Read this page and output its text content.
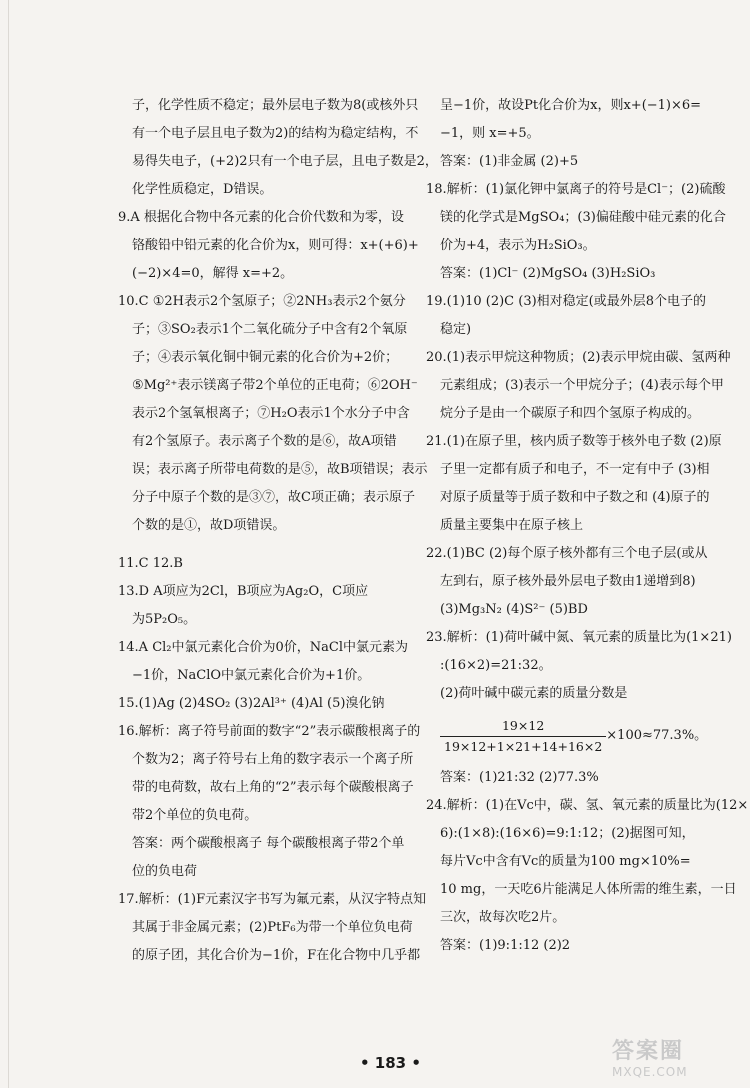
子，化学性质不稳定；最外层电子数为8(或核外只
有一个电子层且电子数为2)的结构为稳定结构，不
易得失电子，(+2)2只有一个电子层，且电子数是2，
化学性质稳定，D错误。
9.A 根据化合物中各元素的化合价代数和为零，设
铬酸铅中铅元素的化合价为x，则可得：x+(+6)+
(−2)×4=0，解得 x=+2。
10.C ①2H表示2个氢原子；②2NH₃表示2个氨分
子；③SO₂表示1个二氧化硫分子中含有2个氧原
子；④表示氧化铜中铜元素的化合价为+2价；
⑤Mg²⁺表示镁离子带2个单位的正电荷；⑥2OH⁻
表示2个氢氧根离子；⑦H₂O表示1个水分子中含
有2个氢原子。表示离子个数的是⑥，故A项错
误；表示离子所带电荷数的是⑤，故B项错误；表示
分子中原子个数的是③⑦，故C项正确；表示原子
个数的是①，故D项错误。
11.C 12.B
13.D A项应为2Cl，B项应为Ag₂O，C项应
为5P₂O₅。
14.A Cl₂中氯元素化合价为0价，NaCl中氯元素为
−1价，NaClO中氯元素化合价为+1价。
15.(1)Ag (2)4SO₂ (3)2Al³⁺ (4)Al (5)溴化钠
16.解析：离子符号前面的数字“2”表示碳酸根离子的
个数为2；离子符号右上角的数字表示一个离子所
带的电荷数，故右上角的“2”表示每个碳酸根离子
带2个单位的负电荷。
答案：两个碳酸根离子 每个碳酸根离子带2个单
位的负电荷
17.解析：(1)F元素汉字书写为氟元素，从汉字特点知
其属于非金属元素；(2)PtF₆为带一个单位负电荷
的原子团，其化合价为−1价，F在化合物中几乎都
呈−1价，故设Pt化合价为x，则x+(−1)×6=
−1，则 x=+5。
答案：(1)非金属 (2)+5
18.解析：(1)氯化钾中氯离子的符号是Cl⁻；(2)硫酸
镁的化学式是MgSO₄；(3)偏硅酸中硅元素的化合
价为+4，表示为H₂SiO₃。
答案：(1)Cl⁻ (2)MgSO₄ (3)H₂SiO₃
19.(1)10 (2)C (3)相对稳定(或最外层8个电子的
稳定)
20.(1)表示甲烷这种物质；(2)表示甲烷由碳、氢两种
元素组成；(3)表示一个甲烷分子；(4)表示每个甲
烷分子是由一个碳原子和四个氢原子构成的。
21.(1)在原子里，核内质子数等于核外电子数 (2)原
子里一定都有质子和电子，不一定有中子 (3)相
对原子质量等于质子数和中子数之和 (4)原子的
质量主要集中在原子核上
22.(1)BC (2)每个原子核外都有三个电子层(或从
左到右，原子核外最外层电子数由1递增到8)
(3)Mg₃N₂ (4)S²⁻ (5)BD
23.解析：(1)荷叶碱中氮、氧元素的质量比为(1×21)
:(16×2)=21:32。
(2)荷叶碱中碳元素的质量分数是
$\frac{19\times 12}{19\times 12+1\times 21+14+16\times 2} \times 100\approx 77.3\%$。
答案：(1)21:32 (2)77.3%
24.解析：(1)在Vc中，碳、氢、氧元素的质量比为(12×
6):(1×8):(16×6)=9:1:12；(2)据图可知，
每片Vc中含有Vc的质量为100 mg×10%=
10 mg，一天吃6片能满足人体所需的维生素，一日
三次，故每次吃2片。
答案：(1)9:1:12 (2)2
• 183 •	答案圈
MXQE.COM
